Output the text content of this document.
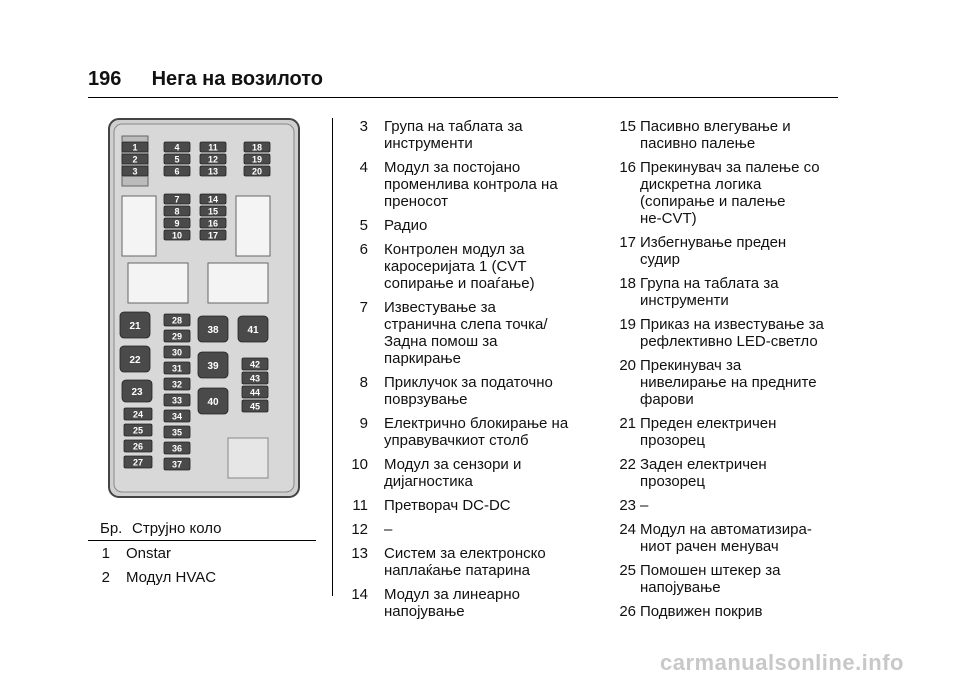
196 Нега на возилото
1
2
3
4
5
6
7
8
9
10
11
12
13
14
15
16
17
18
19
20
21
22
23
24
25
26
27
28
29
30
31
32
33
34
35
36
37
38
39
40
41
42
43
44
45
Бр. Струјно коло
1	Onstar
2	Модул HVAC
3	Група на таблата за
инструменти
4	Модул за постојано
променлива контрола на
преносот
5	Радио
6	Контролен модул за
каросеријата 1 (CVT
сопирање и поаѓање)
7	Известување за
странична слепа точка/
Задна помош за
паркирање
8	Приклучок за податочно
поврзување
9	Електрично блокирање на
управувачкиот столб
10	Модул за сензори и
дијагностика
11	Претворач DC-DC
12	–
13	Систем за електронско
наплаќање патарина
14	Модул за линеарно
напојување
15 Пасивно влегување и
пасивно палење
16 Прекинувач за палење со
дискретна логика
(сопирање и палење
не-CVT)
17 Избегнување преден
судир
18 Група на таблата за
инструменти
19 Приказ на известување за
рефлективно LED-светло
20 Прекинувач за
нивелирање на предните
фарови
21 Преден електричен
прозорец
22 Заден електричен
прозорец
23 –
24 Модул на автоматизира-
ниот рачен менувач
25 Помошен штекер за
напојување
26 Подвижен покрив
carmanualsonline.info
